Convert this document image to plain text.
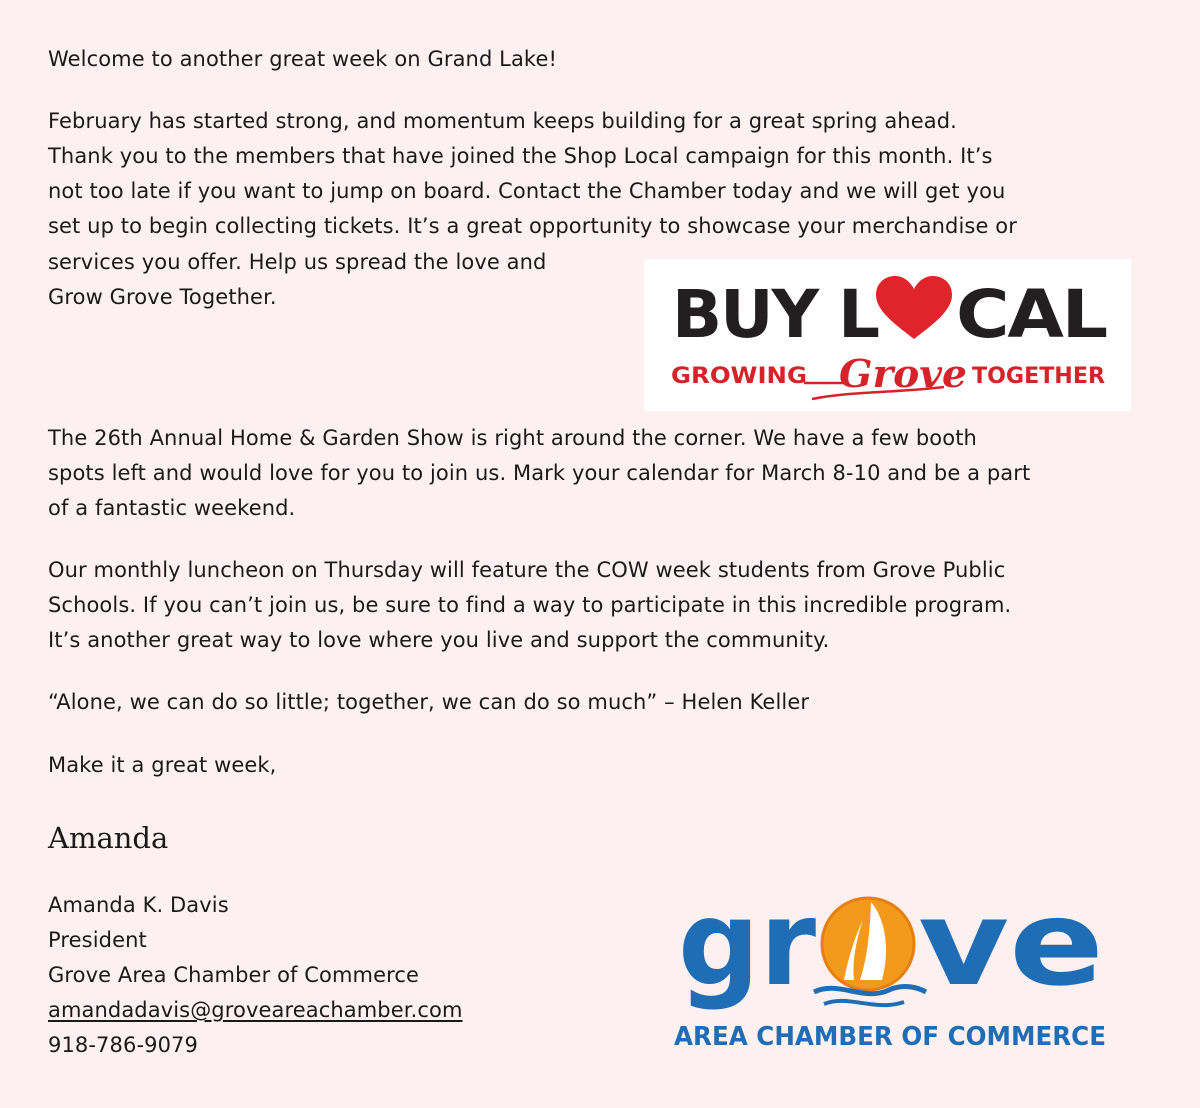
Welcome to another great week on Grand Lake!

February has started strong, and momentum keeps building for a great spring ahead.

Thank you to the members that have joined the Shop Local campaign for this month. It’s

not too late if you want to jump on board. Contact the Chamber today and we will get you

set up to begin collecting tickets. It’s a great opportunity to showcase your merchandise or

services you offer. Help us spread the love and

Grow Grove Together.	BUY L CAL
GROWING Grove TOGETHER

The 26th Annual Home & Garden Show is right around the corner. We have a few booth

spots left and would love for you to join us. Mark your calendar for March 8-10 and be a part

of a fantastic weekend.

Our monthly luncheon on Thursday will feature the COW week students from Grove Public

Schools. If you can’t join us, be sure to find a way to participate in this incredible program.

It’s another great way to love where you live and support the community.

“Alone, we can do so little; together, we can do so much” – Helen Keller

Make it a great week,

Amanda

Amanda K. Davis

President

Grove Area Chamber of Commerce

amandadavis@groveareachamber.com

918-786-9079

gr ve
AREA CHAMBER OF COMMERCE
